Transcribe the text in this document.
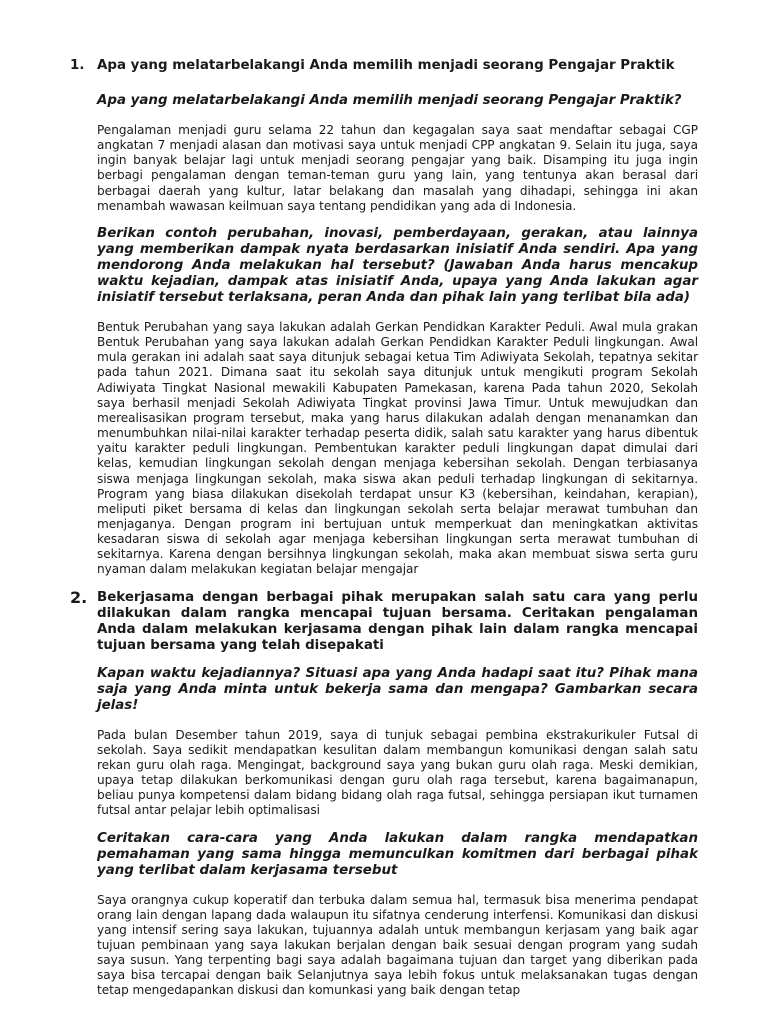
1. Apa yang melatarbelakangi Anda memilih menjadi seorang Pengajar Praktik
Apa yang melatarbelakangi Anda memilih menjadi seorang Pengajar Praktik?
Pengalaman menjadi guru selama 22 tahun dan kegagalan saya saat mendaftar sebagai CGP angkatan 7 menjadi alasan dan motivasi saya untuk menjadi CPP angkatan 9. Selain itu juga, saya ingin banyak belajar lagi untuk menjadi seorang pengajar yang baik. Disamping itu juga ingin berbagi pengalaman dengan teman-teman guru yang lain, yang tentunya akan berasal dari berbagai daerah yang kultur, latar belakang dan masalah yang dihadapi, sehingga ini akan menambah wawasan keilmuan saya tentang pendidikan yang ada di Indonesia.
Berikan contoh perubahan, inovasi, pemberdayaan, gerakan, atau lainnya yang memberikan dampak nyata berdasarkan inisiatif Anda sendiri. Apa yang mendorong Anda melakukan hal tersebut? (Jawaban Anda harus mencakup waktu kejadian, dampak atas inisiatif Anda, upaya yang Anda lakukan agar inisiatif tersebut terlaksana, peran Anda dan pihak lain yang terlibat bila ada)
Bentuk Perubahan yang saya lakukan adalah Gerkan Pendidkan Karakter Peduli. Awal mula grakan Bentuk Perubahan yang saya lakukan adalah Gerkan Pendidkan Karakter Peduli lingkungan. Awal mula gerakan ini adalah saat saya ditunjuk sebagai ketua Tim Adiwiyata Sekolah, tepatnya sekitar pada tahun 2021. Dimana saat itu sekolah saya ditunjuk untuk mengikuti program Sekolah Adiwiyata Tingkat Nasional mewakili Kabupaten Pamekasan, karena Pada tahun 2020, Sekolah saya berhasil menjadi Sekolah Adiwiyata Tingkat provinsi Jawa Timur. Untuk mewujudkan dan merealisasikan program tersebut, maka yang harus dilakukan adalah dengan menanamkan dan menumbuhkan nilai-nilai karakter terhadap peserta didik, salah satu karakter yang harus dibentuk yaitu karakter peduli lingkungan. Pembentukan karakter peduli lingkungan dapat dimulai dari kelas, kemudian lingkungan sekolah dengan menjaga kebersihan sekolah. Dengan terbiasanya siswa menjaga lingkungan sekolah, maka siswa akan peduli terhadap lingkungan di sekitarnya. Program yang biasa dilakukan disekolah terdapat unsur K3 (kebersihan, keindahan, kerapian), meliputi piket bersama di kelas dan lingkungan sekolah serta belajar merawat tumbuhan dan menjaganya. Dengan program ini bertujuan untuk memperkuat dan meningkatkan aktivitas kesadaran siswa di sekolah agar menjaga kebersihan lingkungan serta merawat tumbuhan di sekitarnya. Karena dengan bersihnya lingkungan sekolah, maka akan membuat siswa serta guru nyaman dalam melakukan kegiatan belajar mengajar
2. Bekerjasama dengan berbagai pihak merupakan salah satu cara yang perlu dilakukan dalam rangka mencapai tujuan bersama. Ceritakan pengalaman Anda dalam melakukan kerjasama dengan pihak lain dalam rangka mencapai tujuan bersama yang telah disepakati
Kapan waktu kejadiannya? Situasi apa yang Anda hadapi saat itu? Pihak mana saja yang Anda minta untuk bekerja sama dan mengapa? Gambarkan secara jelas!
Pada bulan Desember tahun 2019, saya di tunjuk sebagai pembina ekstrakurikuler Futsal di sekolah. Saya sedikit mendapatkan kesulitan dalam membangun komunikasi dengan salah satu rekan guru olah raga. Mengingat, background saya yang bukan guru olah raga. Meski demikian, upaya tetap dilakukan berkomunikasi dengan guru olah raga tersebut, karena bagaimanapun, beliau punya kompetensi dalam bidang bidang olah raga futsal, sehingga persiapan ikut turnamen futsal antar pelajar lebih optimalisasi
Ceritakan cara-cara yang Anda lakukan dalam rangka mendapatkan pemahaman yang sama hingga memunculkan komitmen dari berbagai pihak yang terlibat dalam kerjasama tersebut
Saya orangnya cukup koperatif dan terbuka dalam semua hal, termasuk bisa menerima pendapat orang lain dengan lapang dada walaupun itu sifatnya cenderung interfensi. Komunikasi dan diskusi yang intensif sering saya lakukan, tujuannya adalah untuk membangun kerjasam yang baik agar tujuan pembinaan yang saya lakukan berjalan dengan baik sesuai dengan program yang sudah saya susun. Yang terpenting bagi saya adalah bagaimana tujuan dan target yang diberikan pada saya bisa tercapai dengan baik Selanjutnya saya lebih fokus untuk melaksanakan tugas dengan tetap mengedapankan diskusi dan komunkasi yang baik dengan tetap
